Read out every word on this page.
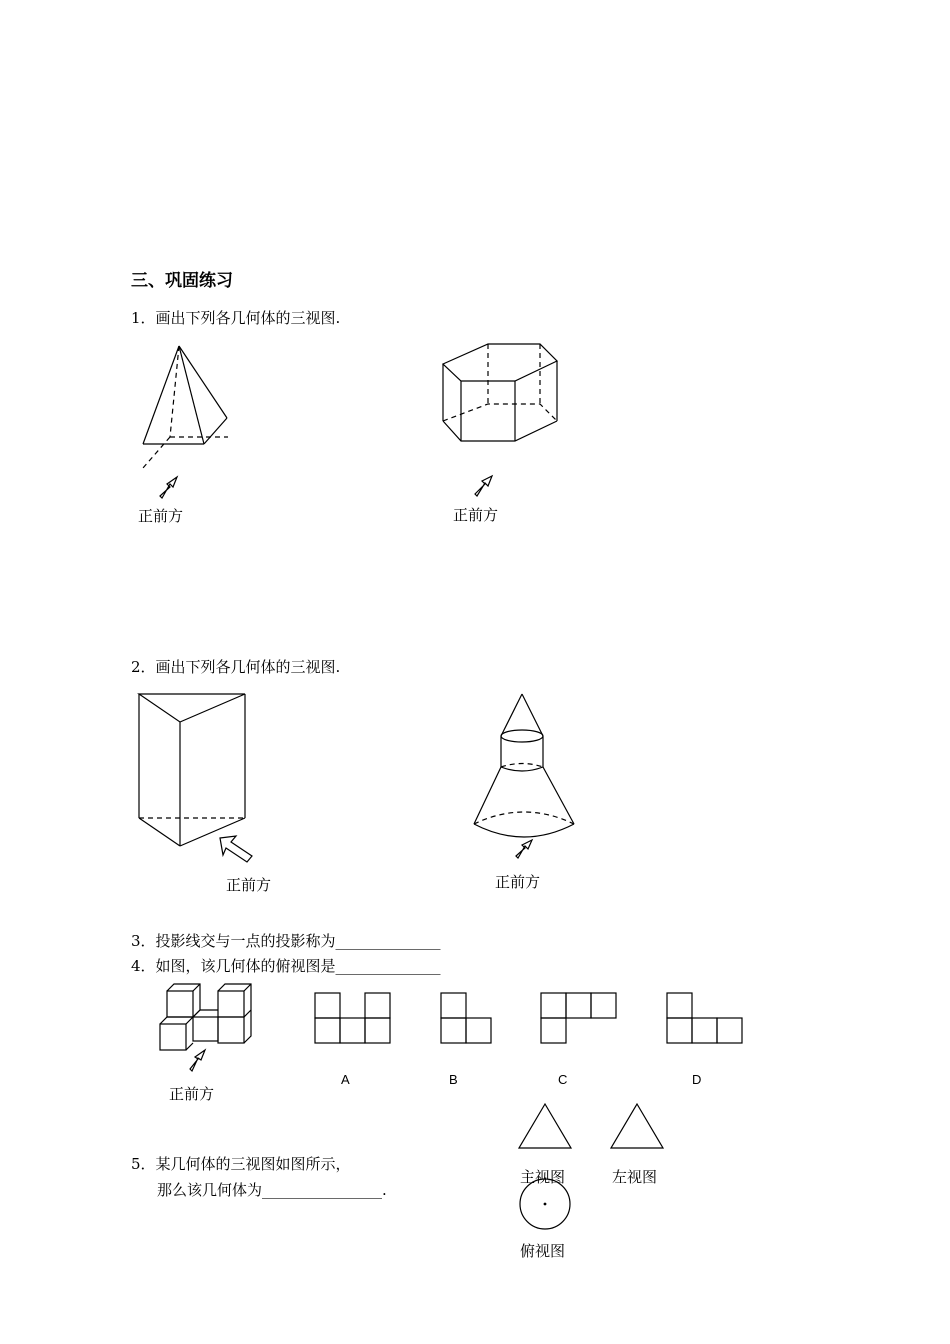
三、巩固练习
1．画出下列各几何体的三视图.
正前方	正前方
2．画出下列各几何体的三视图.
正前方	正前方
3．投影线交与一点的投影称为______________
4．如图，该几何体的俯视图是______________
正前方
A	B	C	D
5．某几何体的三视图如图所示，
那么该几何体为________________.
主视图	左视图
俯视图
